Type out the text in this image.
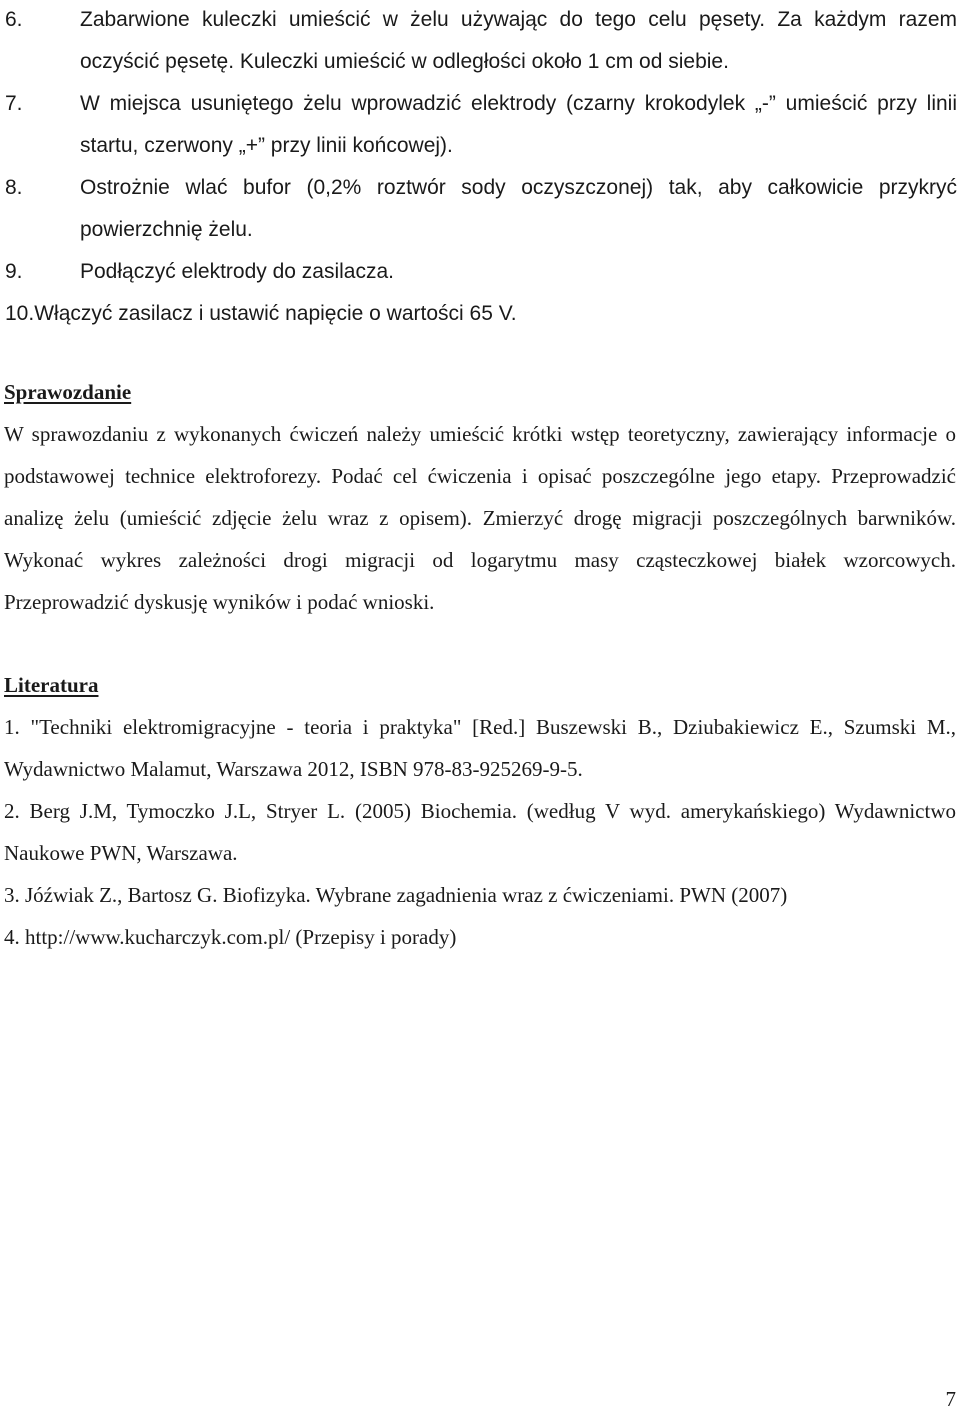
6.	Zabarwione kuleczki umieścić w żelu używając do tego celu pęsety. Za każdym razem oczyścić pęsetę. Kuleczki umieścić w odległości około 1 cm od siebie.
7.	W miejsca usuniętego żelu wprowadzić elektrody (czarny krokodylek „-” umieścić przy linii startu, czerwony „+” przy linii końcowej).
8.	Ostrożnie wlać bufor (0,2% roztwór sody oczyszczonej) tak, aby całkowicie przykryć powierzchnię żelu.
9.	Podłączyć elektrody do zasilacza.
10.Włączyć zasilacz i ustawić napięcie o wartości 65 V.
Sprawozdanie

W sprawozdaniu z wykonanych ćwiczeń należy umieścić krótki wstęp teoretyczny, zawierający informacje o podstawowej technice elektroforezy. Podać cel ćwiczenia i opisać poszczególne jego etapy. Przeprowadzić analizę żelu (umieścić zdjęcie żelu wraz z opisem). Zmierzyć drogę migracji poszczególnych barwników. Wykonać wykres zależności drogi migracji od logarytmu masy cząsteczkowej białek wzorcowych. Przeprowadzić dyskusję wyników i podać wnioski.

Literatura

1. "Techniki elektromigracyjne - teoria i praktyka" [Red.] Buszewski B., Dziubakiewicz E., Szumski M., Wydawnictwo Malamut, Warszawa 2012, ISBN 978-83-925269-9-5.

2. Berg J.M, Tymoczko J.L, Stryer L. (2005) Biochemia. (według V wyd. amerykańskiego) Wydawnictwo Naukowe PWN, Warszawa.

3. Jóźwiak Z., Bartosz G. Biofizyka. Wybrane zagadnienia wraz z ćwiczeniami. PWN (2007)

4. http://www.kucharczyk.com.pl/ (Przepisy i porady)

7
